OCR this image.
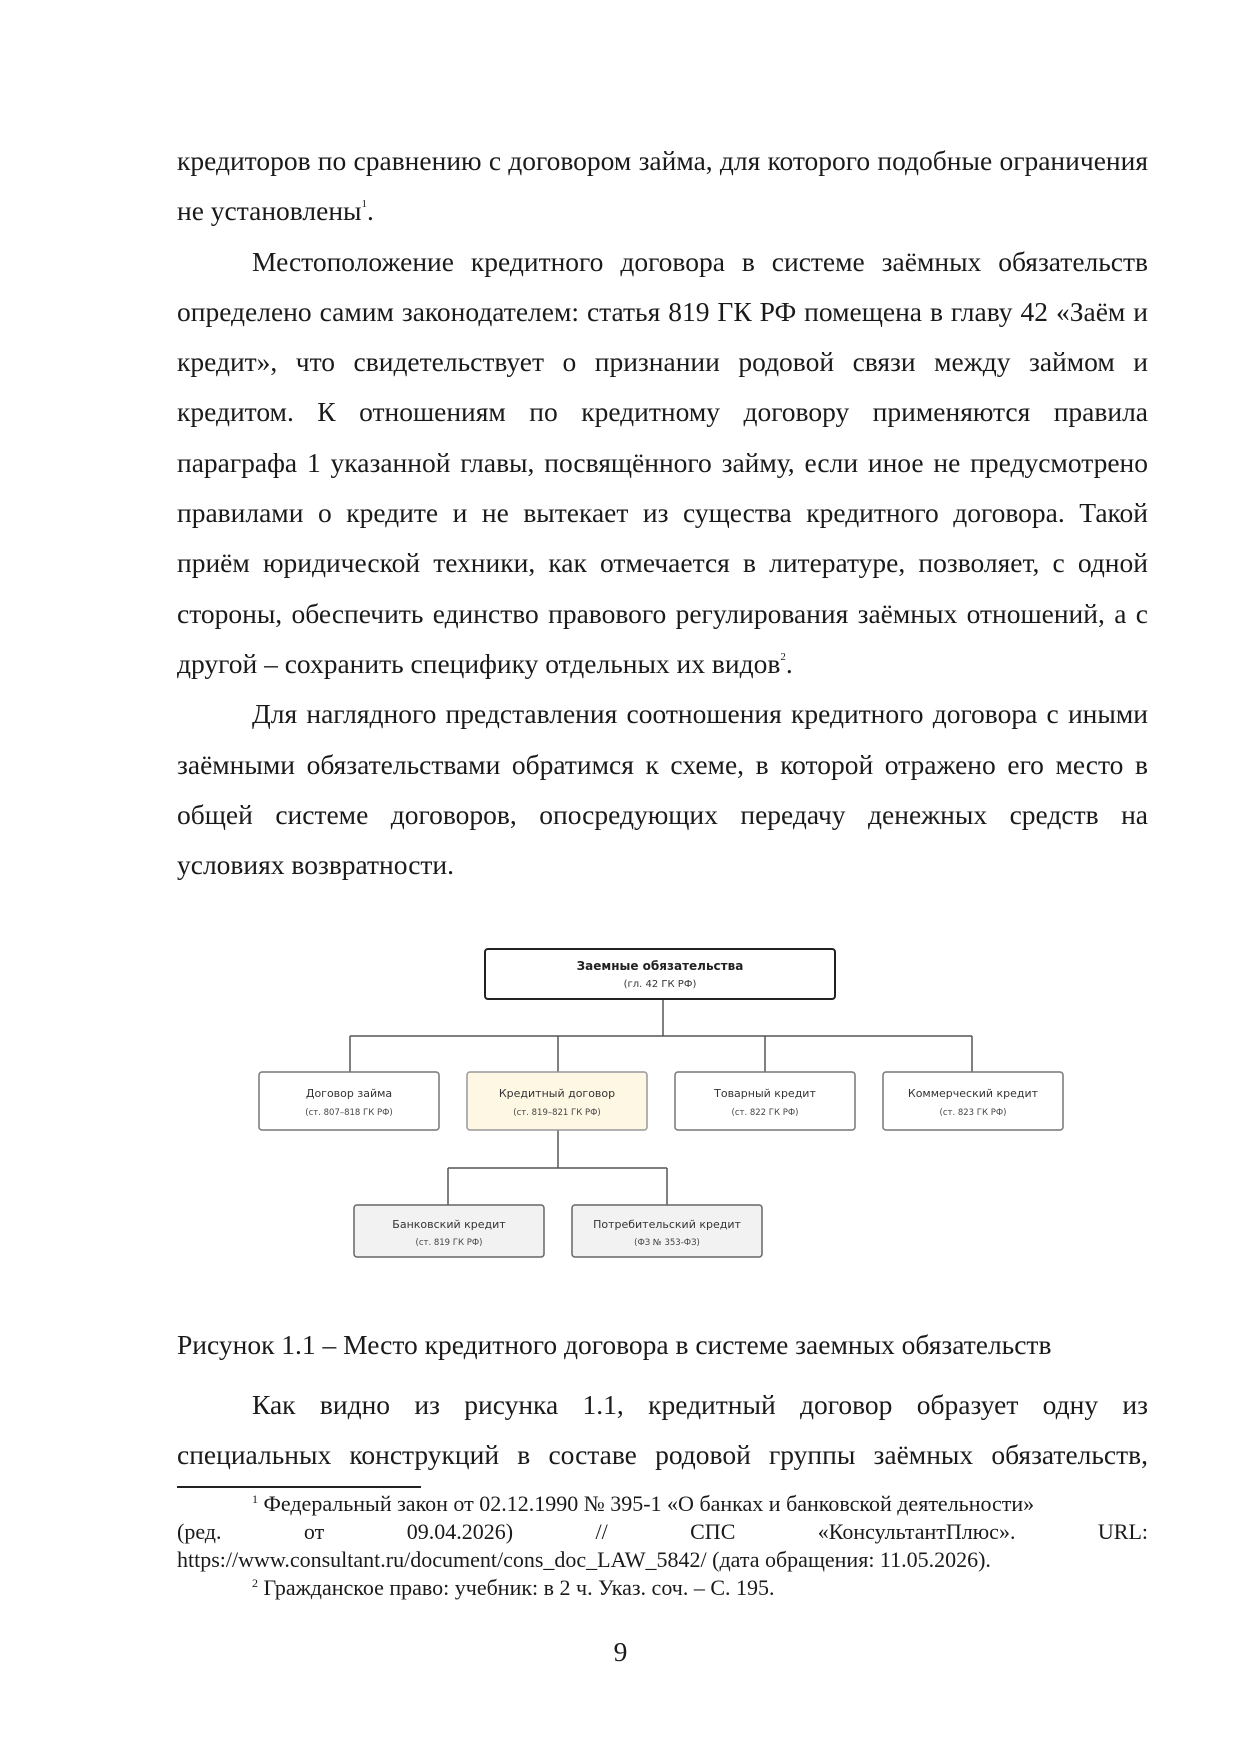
кредиторов по сравнению с договором займа, для которого подобные ограничения не установлены$^1$.

Местоположение кредитного договора в системе заёмных обязательств определено самим законодателем: статья 819 ГК РФ помещена в главу 42 «Заём и кредит», что свидетельствует о признании родовой связи между займом и кредитом. К отношениям по кредитному договору применяются правила параграфа 1 указанной главы, посвящённого займу, если иное не предусмотрено правилами о кредите и не вытекает из существа кредитного договора. Такой приём юридической техники, как отмечается в литературе, позволяет, с одной стороны, обеспечить единство правового регулирования заёмных отношений, а с другой – сохранить специфику отдельных их видов$^2$.

Для наглядного представления соотношения кредитного договора с иными заёмными обязательствами обратимся к схеме, в которой отражено его место в общей системе договоров, опосредующих передачу денежных средств на условиях возвратности.

Заемные обязательства
(гл. 42 ГК РФ)
Договор займа
(ст. 807–818 ГК РФ)
Кредитный договор
(ст. 819–821 ГК РФ)
Товарный кредит
(ст. 822 ГК РФ)
Коммерческий кредит
(ст. 823 ГК РФ)
Банковский кредит
(ст. 819 ГК РФ)
Потребительский кредит
(ФЗ № 353-ФЗ)
Рисунок 1.1 – Место кредитного договора в системе заемных обязательств

Как видно из рисунка 1.1, кредитный договор образует одну из специальных конструкций в составе родовой группы заёмных обязательств,

$^1$ Федеральный закон от 02.12.1990 № 395-1 «О банках и банковской деятельности»

(ред. от 09.04.2026) // СПС «КонсультантПлюс». URL:

https://www.consultant.ru/document/cons_doc_LAW_5842/ (дата обращения: 11.05.2026).

$^2$ Гражданское право: учебник: в 2 ч. Указ. соч. – С. 195.

9
